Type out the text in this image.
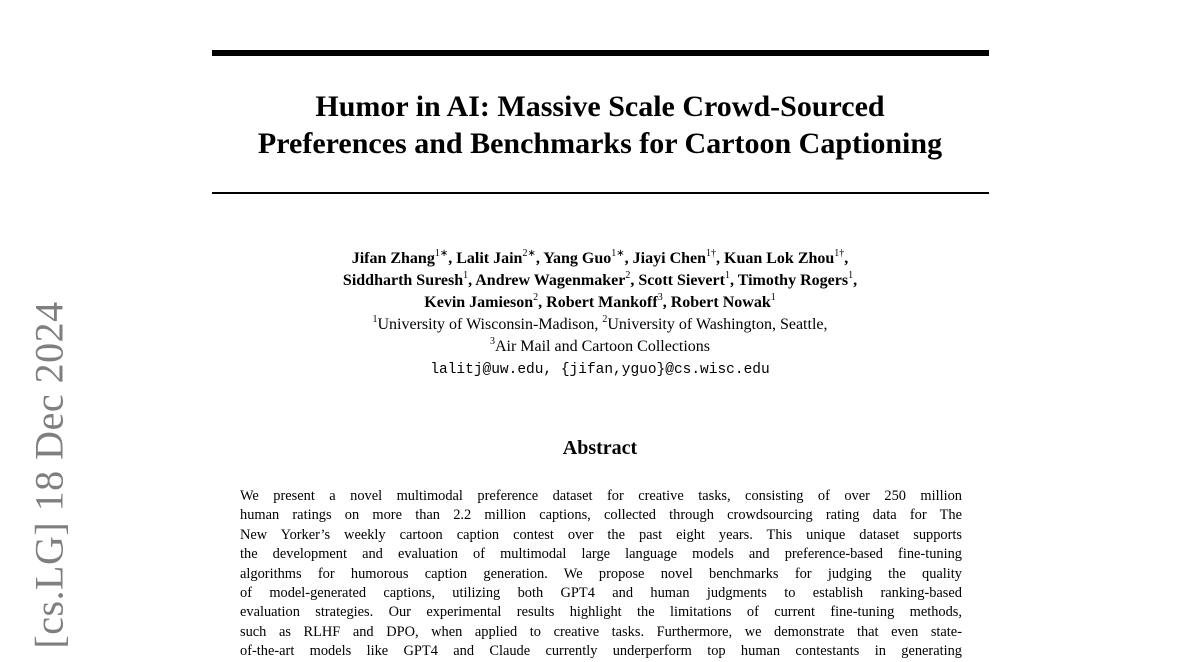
[cs.LG] 18 Dec 2024
Humor in AI: Massive Scale Crowd-Sourced
Preferences and Benchmarks for Cartoon Captioning
Jifan Zhang$^{1∗}$, Lalit Jain$^{2∗}$, Yang Guo$^{1∗}$, Jiayi Chen$^{1\dagger}$, Kuan Lok Zhou$^{1\dagger}$,
Siddharth Suresh$^1$, Andrew Wagenmaker$^2$, Scott Sievert$^1$, Timothy Rogers$^1$,
Kevin Jamieson$^2$, Robert Mankoff$^3$, Robert Nowak$^1$
$^1$University of Wisconsin-Madison, $^2$University of Washington, Seattle,
$^3$Air Mail and Cartoon Collections
lalitj@uw.edu, {jifan,yguo}@cs.wisc.edu
Abstract
We present a novel multimodal preference dataset for creative tasks, consisting of over 250 million
human ratings on more than 2.2 million captions, collected through crowdsourcing rating data for The
New Yorker’s weekly cartoon caption contest over the past eight years. This unique dataset supports
the development and evaluation of multimodal large language models and preference-based fine-tuning
algorithms for humorous caption generation. We propose novel benchmarks for judging the quality
of model-generated captions, utilizing both GPT4 and human judgments to establish ranking-based
evaluation strategies. Our experimental results highlight the limitations of current fine-tuning methods,
such as RLHF and DPO, when applied to creative tasks. Furthermore, we demonstrate that even state-
of-the-art models like GPT4 and Claude currently underperform top human contestants in generating
